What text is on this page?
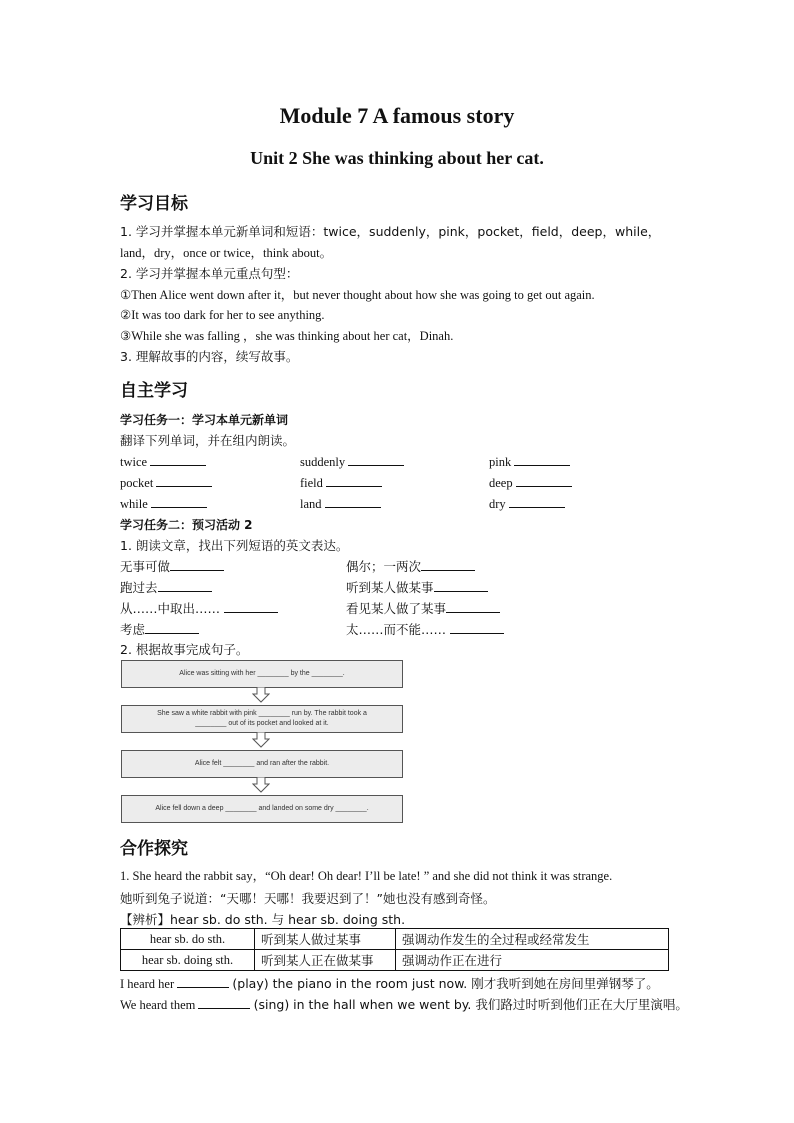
Module 7 A famous story
Unit 2 She was thinking about her cat.
学习目标
1. 学习并掌握本单元新单词和短语：twice，suddenly，pink，pocket，field，deep，while，
land，dry，once or twice，think about。
2. 学习并掌握本单元重点句型：
①Then Alice went down after it，but never thought about how she was going to get out again.
②It was too dark for her to see anything.
③While she was falling ，she was thinking about her cat，Dinah.
3. 理解故事的内容，续写故事。
自主学习
学习任务一：学习本单元新单词
翻译下列单词，并在组内朗读。
twice	suddenly	pink
pocket	field	deep
while	land	dry
学习任务二：预习活动 2
1. 朗读文章，找出下列短语的英文表达。
无事可做	偶尔；一两次
跑过去	听到某人做某事
从……中取出……	看见某人做了某事
考虑	太……而不能……
2. 根据故事完成句子。
Alice was sitting with her ________ by the ________.
She saw a white rabbit with pink ________ run by. The rabbit took a
________ out of its pocket and looked at it.
Alice felt ________ and ran after the rabbit.
Alice fell down a deep ________ and landed on some dry ________.
合作探究
1. She heard the rabbit say，“Oh dear! Oh dear! I’ll be late! ” and she did not think it was strange.
她听到兔子说道：“天哪！天哪！我要迟到了！”她也没有感到奇怪。
【辨析】hear sb. do sth. 与 hear sb. doing sth.
hear sb. do sth.	听到某人做过某事	强调动作发生的全过程或经常发生
hear sb. doing sth.	听到某人正在做某事	强调动作正在进行
I heard her	(play) the piano in the room just now. 刚才我听到她在房间里弹钢琴了。
We heard them	(sing) in the hall when we went by. 我们路过时听到他们正在大厅里演唱。
